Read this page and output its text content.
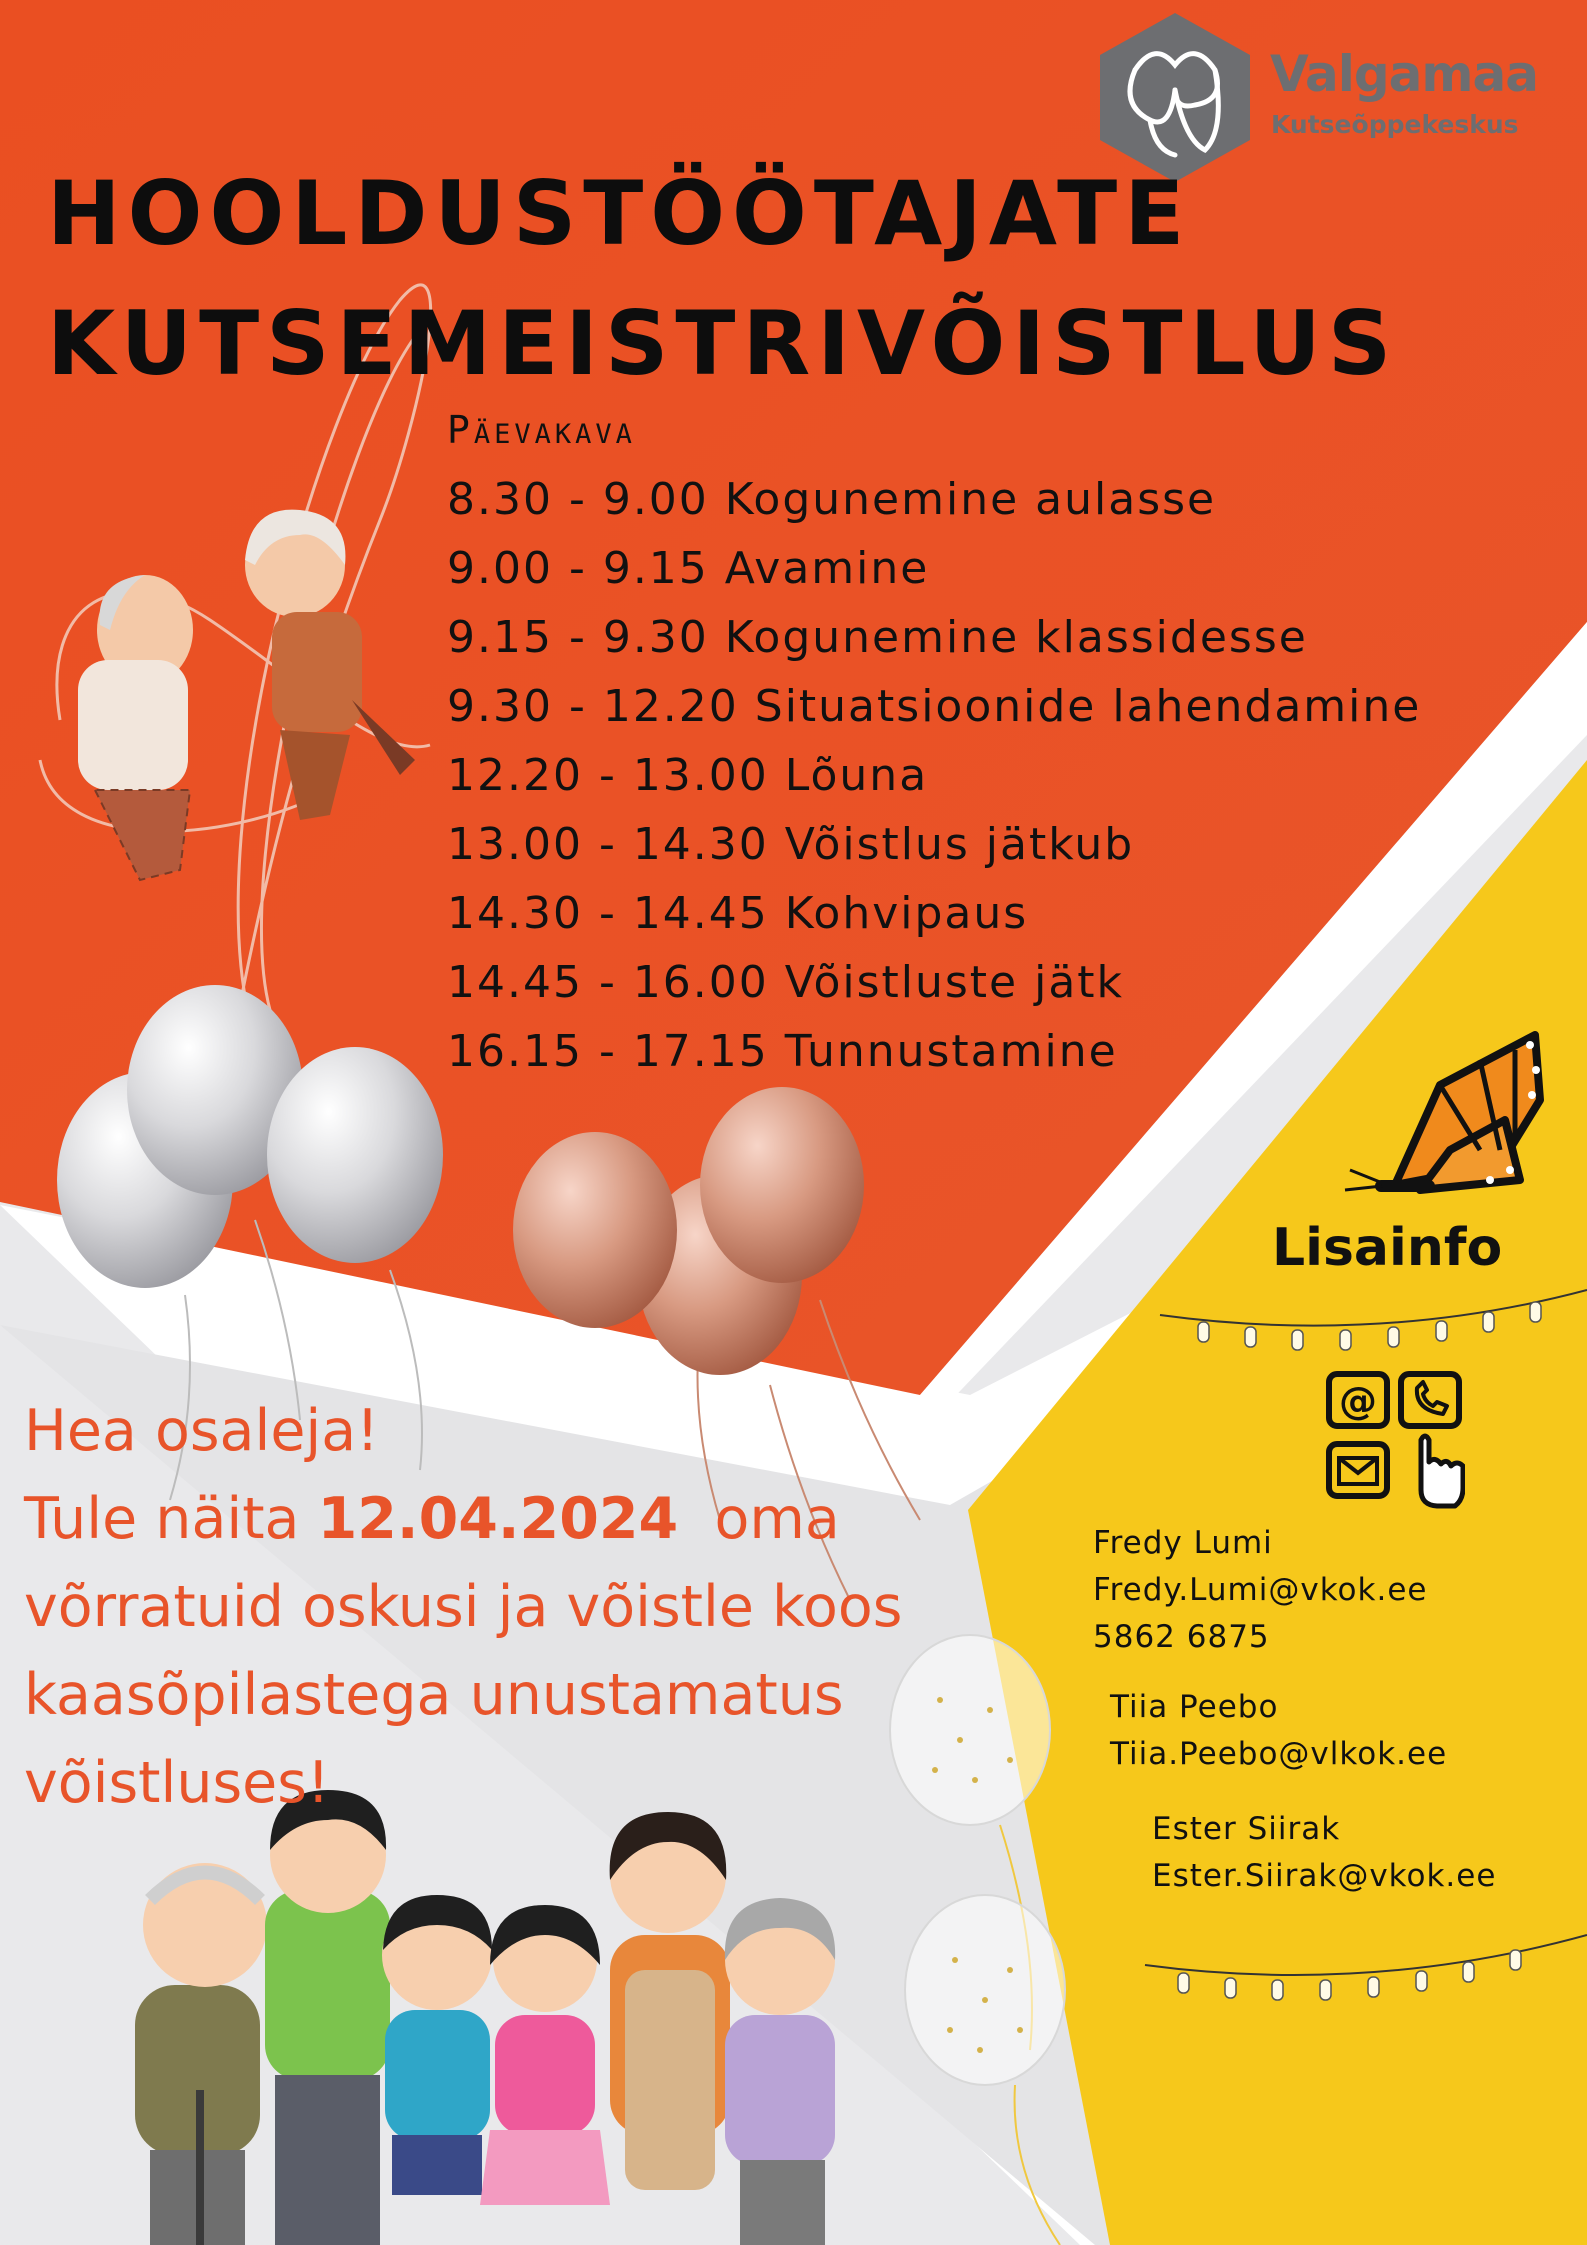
Valgamaa
Kutseõppekeskus
HOOLDUSTÖÖTAJATE
KUTSEMEISTRIVÕISTLUS
Päevakava
8.30 - 9.00 Kogunemine aulasse
9.00 - 9.15 Avamine
9.15 - 9.30 Kogunemine klassidesse
9.30 - 12.20 Situatsioonide lahendamine
12.20 - 13.00 Lõuna
13.00 - 14.30 Võistlus jätkub
14.30 - 14.45 Kohvipaus
14.45 - 16.00 Võistluste jätk
16.15 - 17.15 Tunnustamine
Hea osaleja!
Tule näita 12.04.2024  oma
võrratuid oskusi ja võistle koos
kaasõpilastega unustamatus
võistluses!
Lisainfo
@
Fredy Lumi
Fredy.Lumi@vkok.ee
5862 6875
Tiia Peebo
Tiia.Peebo@vlkok.ee
Ester Siirak
Ester.Siirak@vkok.ee
